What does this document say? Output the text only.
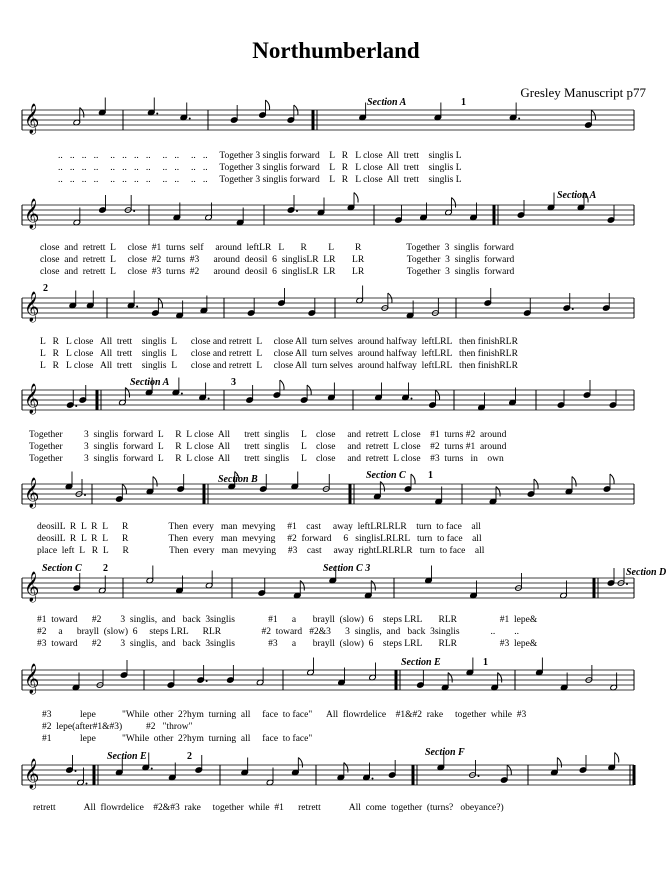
Northumberland
Gresley Manuscript p77
𝄞
𝄞
𝄞
𝄞
𝄞
𝄞
𝄞
𝄞
Section A	1
Section A
2
Section A	3
Section B	Section C 1
Section C 2	Section C 3	Section D
Section E	1
Section E	2	Section F
..   ..   ..   ..     ..   ..   ..   ..     ..   ..     ..   ..     Together 3 singlis forward    L   R   L close  All  trett    singlis L
..   ..   ..   ..     ..   ..   ..   ..     ..   ..     ..   ..     Together 3 singlis forward    L   R   L close  All  trett    singlis L
..   ..   ..   ..     ..   ..   ..   ..     ..   ..     ..   ..     Together 3 singlis forward    L   R   L close  All  trett    singlis L
close  and  retrett  L     close  #1  turns  self     around  leftLR   L       R         L         R                   Together  3  singlis  forward
close  and  retrett  L     close  #2  turns  #3      around  deosil  6  singlisLR  LR       LR                  Together  3  singlis  forward
close  and  retrett  L     close  #3  turns  #2      around  deosil  6  singlisLR  LR       LR                  Together  3  singlis  forward
L   R   L close   All  trett    singlis  L      close and retrett  L     close All  turn selves  around halfway  leftLRL   then finishRLR
L   R   L close   All  trett    singlis  L      close and retrett  L     close All  turn selves  around halfway  leftLRL   then finishRLR
L   R   L close   All  trett    singlis  L      close and retrett  L     close All  turn selves  around halfway  leftLRL   then finishRLR
Together         3  singlis  forward  L     R  L close  All      trett  singlis     L    close     and  retrett  L close    #1  turns #2  around
Together         3  singlis  forward  L     R  L close  All      trett  singlis     L    close     and  retrett  L close    #2  turns #1  around
Together         3  singlis  forward  L     R  L close  All      trett  singlis     L    close     and  retrett  L close    #3  turns   in    own
deosilL  R  L  R  L      R                 Then  every   man  mevying     #1    cast     away  leftLRLRLR    turn  to face    all
deosilL  R  L  R  L      R                 Then  every   man  mevying     #2  forward     6   singlisLRLRL   turn  to face    all
place  left  L   R  L      R                 Then  every   man  mevying     #3    cast     away  rightLRLRLR   turn  to face    all
#1  toward      #2        3  singlis,  and   back  3singlis              #1      a       brayll  (slow)  6    steps LRL       RLR                  #1  lepe&
#2     a      brayll  (slow)  6     steps LRL      RLR                 #2  toward   #2&3      3  singlis,  and   back  3singlis             ..        ..
#3  toward      #2        3  singlis,  and   back  3singlis              #3      a       brayll  (slow)  6    steps LRL       RLR                  #3  lepe&
#3            lepe           "While  other  2?hym  turning  all     face  to face"      All  flowrdelice    #1&#2  rake     together  while  #3
#2  lepe(after#1&#3)          #2   "throw"
#1            lepe           "While  other  2?hym  turning  all     face  to face"
retrett            All  flowrdelice    #2&#3  rake     together  while  #1      retrett            All  come  together  (turns?   obeyance?)
